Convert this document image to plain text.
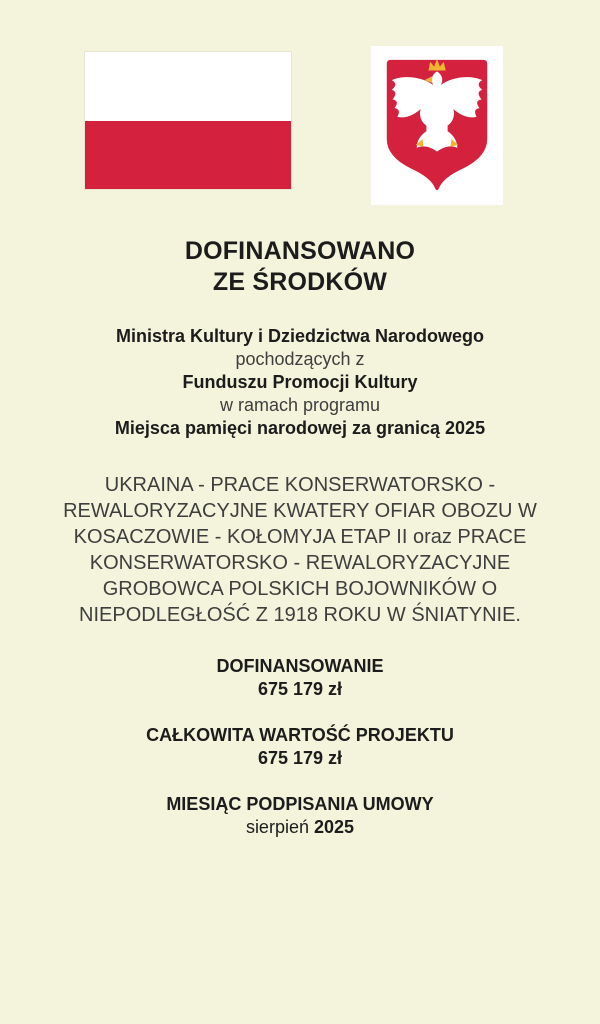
DOFINANSOWANO
ZE ŚRODKÓW
Ministra Kultury i Dziedzictwa Narodowego
pochodzących z
Funduszu Promocji Kultury
w ramach programu
Miejsca pamięci narodowej za granicą 2025
UKRAINA - PRACE KONSERWATORSKO -
REWALORYZACYJNE KWATERY OFIAR OBOZU W
KOSACZOWIE - KOŁOMYJA ETAP II oraz PRACE
KONSERWATORSKO - REWALORYZACYJNE
GROBOWCA POLSKICH BOJOWNIKÓW O
NIEPODLEGŁOŚĆ Z 1918 ROKU W ŚNIATYNIE.
DOFINANSOWANIE
675 179 zł
CAŁKOWITA WARTOŚĆ PROJEKTU
675 179 zł
MIESIĄC PODPISANIA UMOWY
sierpień 2025
